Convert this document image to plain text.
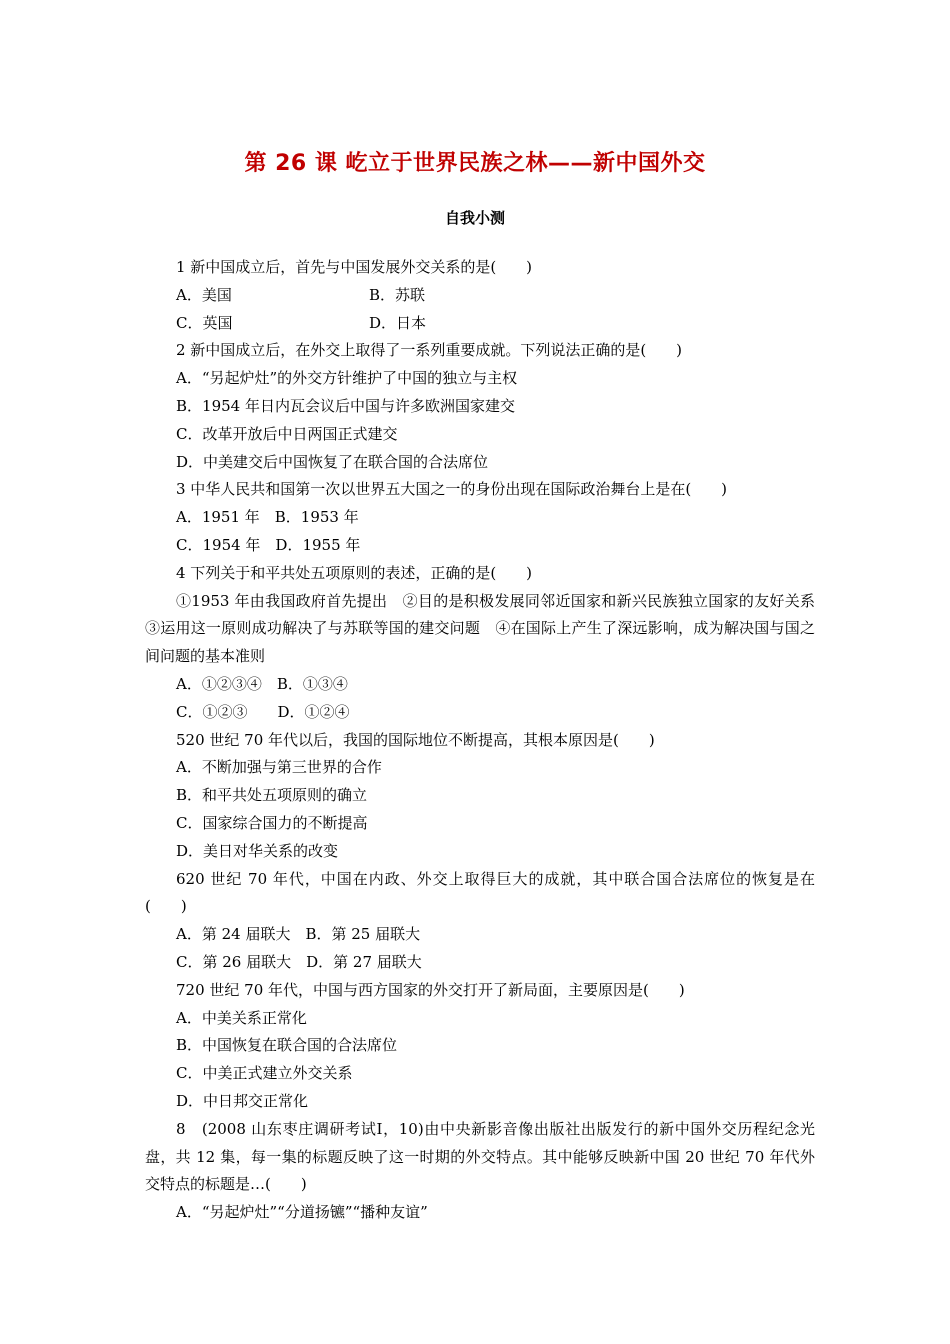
第 26 课 屹立于世界民族之林——新中国外交
自我小测
1 新中国成立后，首先与中国发展外交关系的是(　　)
A．美国	B．苏联
C．英国	D．日本
2 新中国成立后，在外交上取得了一系列重要成就。下列说法正确的是(　　)
A．“另起炉灶”的外交方针维护了中国的独立与主权
B．1954 年日内瓦会议后中国与许多欧洲国家建交
C．改革开放后中日两国正式建交
D．中美建交后中国恢复了在联合国的合法席位
3 中华人民共和国第一次以世界五大国之一的身份出现在国际政治舞台上是在(　　)
A．1951 年　B．1953 年
C．1954 年　D．1955 年
4 下列关于和平共处五项原则的表述，正确的是(　　)
①1953 年由我国政府首先提出　②目的是积极发展同邻近国家和新兴民族独立国家的友好关系　③运用这一原则成功解决了与苏联等国的建交问题　④在国际上产生了深远影响，成为解决国与国之间问题的基本准则
A．①②③④　B．①③④
C．①②③　　D．①②④
520 世纪 70 年代以后，我国的国际地位不断提高，其根本原因是(　　)
A．不断加强与第三世界的合作
B．和平共处五项原则的确立
C．国家综合国力的不断提高
D．美日对华关系的改变
620 世纪 70 年代，中国在内政、外交上取得巨大的成就，其中联合国合法席位的恢复是在(　　)
A．第 24 届联大　B．第 25 届联大
C．第 26 届联大　D．第 27 届联大
720 世纪 70 年代，中国与西方国家的外交打开了新局面，主要原因是(　　)
A．中美关系正常化
B．中国恢复在联合国的合法席位
C．中美正式建立外交关系
D．中日邦交正常化
8　(2008 山东枣庄调研考试Ⅰ，10)由中央新影音像出版社出版发行的新中国外交历程纪念光盘，共 12 集，每一集的标题反映了这一时期的外交特点。其中能够反映新中国 20 世纪 70 年代外交特点的标题是…(　　)
A．“另起炉灶”“分道扬镳”“播种友谊”
